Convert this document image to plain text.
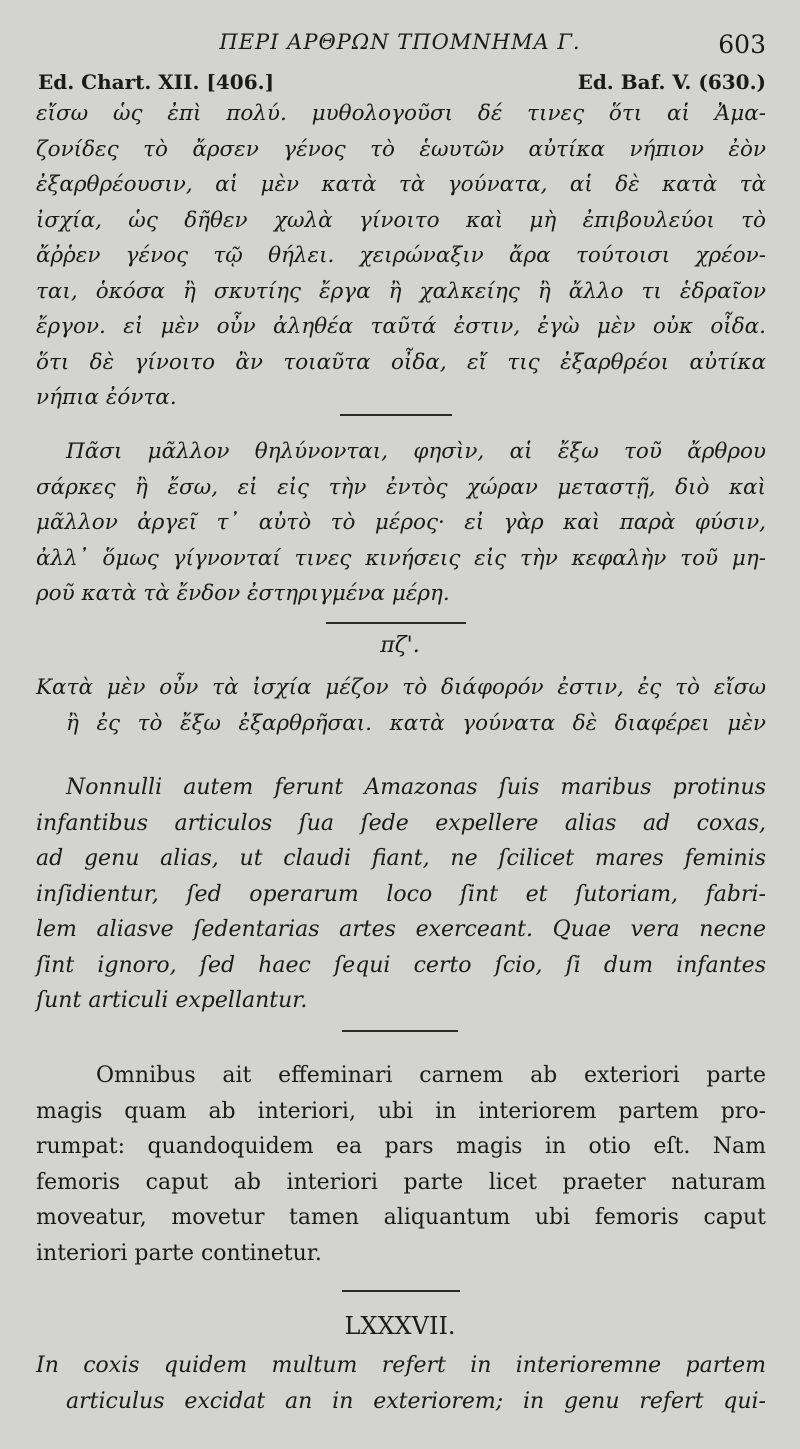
ΠΕΡΙ ΑΡΘΡΩΝ ΤΠΟΜΝΗΜΑ Γ.	603
Ed. Chart. XII. [406.]	Ed. Baf. V. (630.)
εἴσω ὡς ἐπὶ πολύ. μυθολογοῦσι δέ τινες ὅτι αἱ Ἀμα-
ζονίδες τὸ ἄρσεν γένος τὸ ἑωυτῶν αὐτίκα νήπιον ἐὸν
ἐξαρθρέουσιν, αἱ μὲν κατὰ τὰ γούνατα, αἱ δὲ κατὰ τὰ
ἰσχία, ὡς δῆθεν χωλὰ γίνοιτο καὶ μὴ ἐπιβουλεύοι τὸ
ἄῤῥεν γένος τῷ θήλει. χειρώναξιν ἄρα τούτοισι χρέον-
ται, ὁκόσα ἢ σκυτίης ἔργα ἢ χαλκείης ἢ ἄλλο τι ἑδραῖον
ἔργον. εἰ μὲν οὖν ἀληθέα ταῦτά ἐστιν, ἐγὼ μὲν οὐκ οἶδα.
ὅτι δὲ γίνοιτο ἂν τοιαῦτα οἶδα, εἴ τις ἐξαρθρέοι αὐτίκα
νήπια ἐόντα.
Πᾶσι μᾶλλον θηλύνονται, φησὶν, αἱ ἔξω τοῦ ἄρθρου
σάρκες ἢ ἔσω, εἰ εἰς τὴν ἐντὸς χώραν μεταστῇ, διὸ καὶ
μᾶλλον ἀργεῖ τ᾽ αὐτὸ τὸ μέρος· εἰ γὰρ καὶ παρὰ φύσιν,
ἀλλ᾽ ὅμως γίγνονταί τινες κινήσεις εἰς τὴν κεφαλὴν τοῦ μη-
ροῦ κατὰ τὰ ἔνδον ἐστηριγμένα μέρη.
πζ'.
Κατὰ μὲν οὖν τὰ ἰσχία μέζον τὸ διάφορόν ἐστιν, ἐς τὸ εἴσω
ἢ ἐς τὸ ἔξω ἐξαρθρῆσαι. κατὰ γούνατα δὲ διαφέρει μὲν
Nonnulli autem ferunt Amazonas ſuis maribus protinus
infantibus articulos ſua ſede expellere alias ad coxas,
ad genu alias, ut claudi fiant, ne ſcilicet mares feminis
inſidientur, ſed operarum loco ſint et ſutoriam, fabri-
lem aliasve ſedentarias artes exerceant. Quae vera necne
ſint ignoro, ſed haec ſequi certo ſcio, ſi dum infantes
ſunt articuli expellantur.
Omnibus ait effeminari carnem ab exteriori parte
magis quam ab interiori, ubi in interiorem partem pro-
rumpat: quandoquidem ea pars magis in otio eſt. Nam
femoris caput ab interiori parte licet praeter naturam
moveatur, movetur tamen aliquantum ubi femoris caput
interiori parte continetur.
LXXXVII.
In coxis quidem multum refert in interioremne partem
articulus excidat an in exteriorem; in genu refert qui-
